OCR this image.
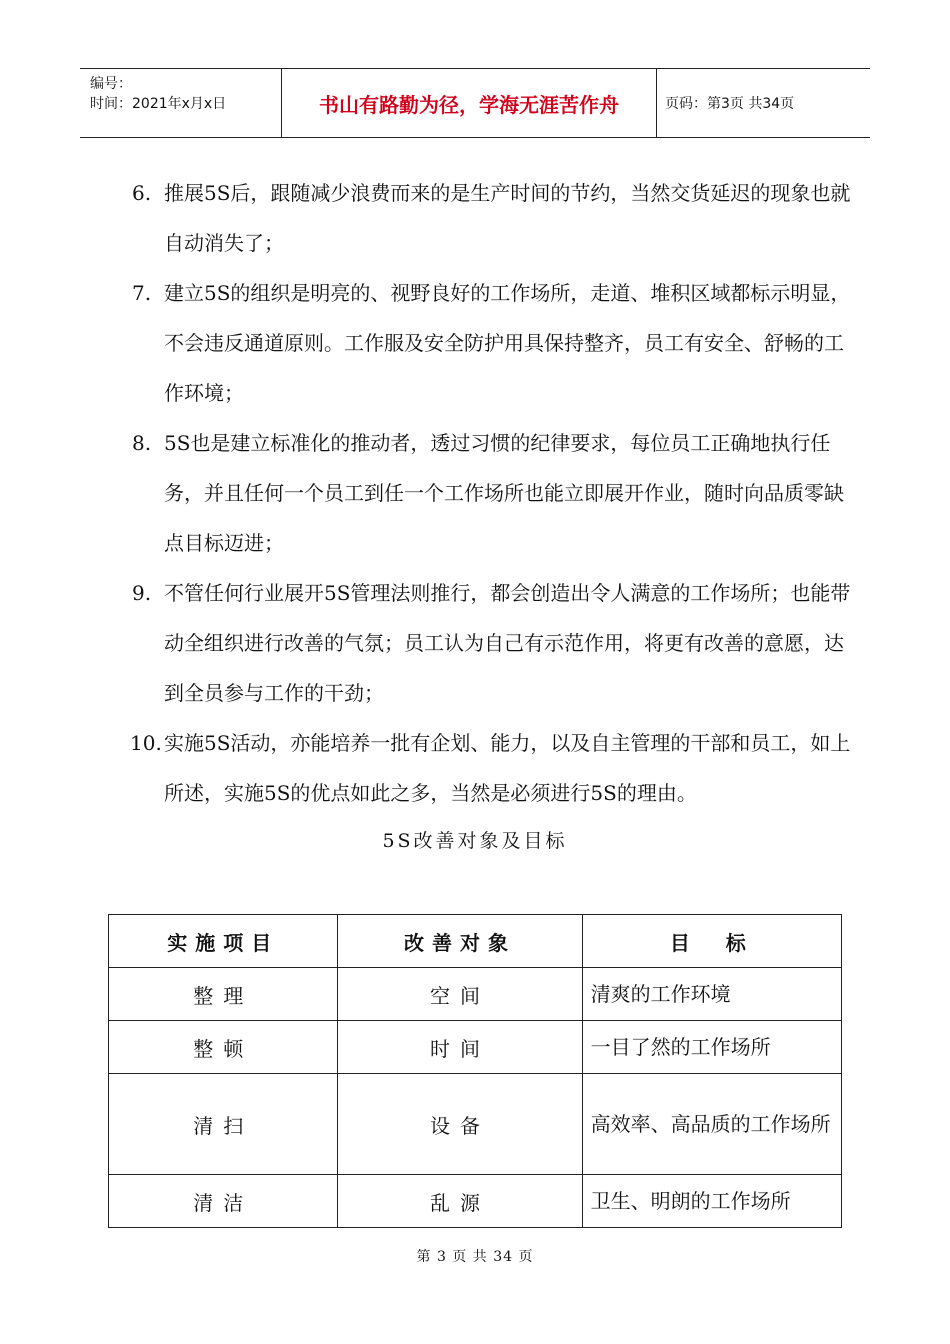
编号：
时间：2021年x月x日	书山有路勤为径，学海无涯苦作舟	页码：第3页 共34页
6. 推展5S后，跟随减少浪费而来的是生产时间的节约，当然交货延迟的现象也就自动消失了；
7. 建立5S的组织是明亮的、视野良好的工作场所，走道、堆积区域都标示明显，不会违反通道原则。工作服及安全防护用具保持整齐，员工有安全、舒畅的工作环境；
8. 5S也是建立标准化的推动者，透过习惯的纪律要求，每位员工正确地执行任务，并且任何一个员工到任一个工作场所也能立即展开作业，随时向品质零缺点目标迈进；
9. 不管任何行业展开5S管理法则推行，都会创造出令人满意的工作场所；也能带动全组织进行改善的气氛；员工认为自己有示范作用，将更有改善的意愿，达到全员参与工作的干劲；
10. 实施5S活动，亦能培养一批有企划、能力，以及自主管理的干部和员工，如上所述，实施5S的优点如此之多，当然是必须进行5S的理由。
5S改善对象及目标
实施项目	改善对象	目　标
整理	空间	清爽的工作环境
整顿	时间	一目了然的工作场所
清扫	设备	高效率、高品质的工作场所
清洁	乱源	卫生、明朗的工作场所
第 3 页 共 34 页
